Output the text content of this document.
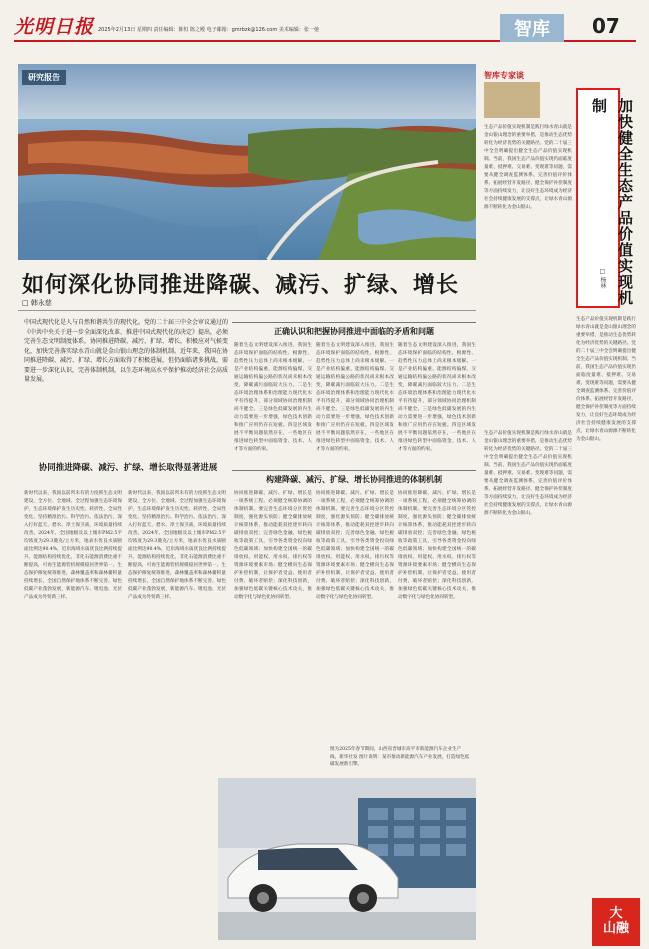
光明日报 2025年2月13日 星期四 责任编辑：陈恒 陈之殿 电子邮箱：gmrbzk@126.com 美术编辑：张一弛	智库	07
研究报告
如何深化协同推进降碳、减污、扩绿、增长
□ 韩永慈
中国式现代化是人与自然和谐共生的现代化。党的二十届三中全会审议通过的《中共中央关于进一步全面深化改革、推进中国式现代化的决定》提出，必须完善生态文明制度体系，协同推进降碳、减污、扩绿、增长，积极应对气候变化，加快完善落实绿水青山就是金山银山理念的体制机制。近年来，我国在协同推进降碳、减污、扩绿、增长方面取得了积极进展，但仍面临诸多挑战，需要进一步深化认识，完善体制机制，以生态环境高水平保护推动经济社会高质量发展。
协同推进降碳、减污、扩绿、增长取得显著进展
新时代以来，我国以前所未有的力度抓生态文明建设，全方位、全地域、全过程加强生态环境保护，生态环境保护发生历史性、转折性、全局性变化。坚持精准治污、科学治污、依法治污，深入打好蓝天、碧水、净土保卫战，环境质量持续改善。2024年，全国地级及以上城市PM2.5平均浓度为29.3微克/立方米，地表水优良水质断面比例达90.4%，近岸海域水质优良比例持续提升。能源结构持续优化，非化石能源消费比重不断提高，可再生能源装机规模稳居世界第一。生态保护修复统筹推进，森林覆盖率和森林蓄积量持续增长，全国自然保护地体系不断完善。绿色低碳产业蓬勃发展，新能源汽车、锂电池、光伏产品成为外贸新三样。
新时代以来，我国以前所未有的力度抓生态文明建设，全方位、全地域、全过程加强生态环境保护，生态环境保护发生历史性、转折性、全局性变化。坚持精准治污、科学治污、依法治污，深入打好蓝天、碧水、净土保卫战，环境质量持续改善。2024年，全国地级及以上城市PM2.5平均浓度为29.3微克/立方米，地表水优良水质断面比例达90.4%，近岸海域水质优良比例持续提升。能源结构持续优化，非化石能源消费比重不断提高，可再生能源装机规模稳居世界第一。生态保护修复统筹推进，森林覆盖率和森林蓄积量持续增长，全国自然保护地体系不断完善。绿色低碳产业蓬勃发展，新能源汽车、锂电池、光伏产品成为外贸新三样。
正确认识和把握协同推进中面临的矛盾和问题
随着生态文明建设深入推进，我国生态环境保护面临的结构性、根源性、趋势性压力总体上尚未根本缓解。一是产业结构偏重、能源结构偏煤、交通运输结构偏公路的状况尚未根本改变，降碳减污面临较大压力。二是生态环境治理体系和治理能力现代化水平有待提升，部分领域协同治理机制尚不健全。三是绿色低碳发展的内生动力需要进一步增强，绿色技术创新和推广应用仍存在短板。四是区域发展不平衡问题依然存在，一些地区在推进绿色转型中面临资金、技术、人才等方面的约束。
随着生态文明建设深入推进，我国生态环境保护面临的结构性、根源性、趋势性压力总体上尚未根本缓解。一是产业结构偏重、能源结构偏煤、交通运输结构偏公路的状况尚未根本改变，降碳减污面临较大压力。二是生态环境治理体系和治理能力现代化水平有待提升，部分领域协同治理机制尚不健全。三是绿色低碳发展的内生动力需要进一步增强，绿色技术创新和推广应用仍存在短板。四是区域发展不平衡问题依然存在，一些地区在推进绿色转型中面临资金、技术、人才等方面的约束。
随着生态文明建设深入推进，我国生态环境保护面临的结构性、根源性、趋势性压力总体上尚未根本缓解。一是产业结构偏重、能源结构偏煤、交通运输结构偏公路的状况尚未根本改变，降碳减污面临较大压力。二是生态环境治理体系和治理能力现代化水平有待提升，部分领域协同治理机制尚不健全。三是绿色低碳发展的内生动力需要进一步增强，绿色技术创新和推广应用仍存在短板。四是区域发展不平衡问题依然存在，一些地区在推进绿色转型中面临资金、技术、人才等方面的约束。
构建降碳、减污、扩绿、增长协同推进的体制机制
协同推进降碳、减污、扩绿、增长是一项系统工程，必须健全统筹协调的体制机制。要完善生态环境分区管控制度，强化源头预防；健全碳排放统计核算体系，推动能耗双控逐步转向碳排放双控；完善绿色金融、绿色税收等政策工具，引导各类资金投向绿色低碳领域；加快构建全国统一的碳排放权、用能权、用水权、排污权等资源环境要素市场；健全横向生态保护补偿机制，让保护者受益、使用者付费、破坏者赔偿；深化科技创新，加强绿色低碳关键核心技术攻关，推动数字化与绿色化协同转型。
协同推进降碳、减污、扩绿、增长是一项系统工程，必须健全统筹协调的体制机制。要完善生态环境分区管控制度，强化源头预防；健全碳排放统计核算体系，推动能耗双控逐步转向碳排放双控；完善绿色金融、绿色税收等政策工具，引导各类资金投向绿色低碳领域；加快构建全国统一的碳排放权、用能权、用水权、排污权等资源环境要素市场；健全横向生态保护补偿机制，让保护者受益、使用者付费、破坏者赔偿；深化科技创新，加强绿色低碳关键核心技术攻关，推动数字化与绿色化协同转型。
协同推进降碳、减污、扩绿、增长是一项系统工程，必须健全统筹协调的体制机制。要完善生态环境分区管控制度，强化源头预防；健全碳排放统计核算体系，推动能耗双控逐步转向碳排放双控；完善绿色金融、绿色税收等政策工具，引导各类资金投向绿色低碳领域；加快构建全国统一的碳排放权、用能权、用水权、排污权等资源环境要素市场；健全横向生态保护补偿机制，让保护者受益、使用者付费、破坏者赔偿；深化科技创新，加强绿色低碳关键核心技术攻关，推动数字化与绿色化协同转型。
图为2025年春节期间，山西省晋城市高平市新能源汽车企业生产线。新华社发 图片说明：某市推动新能源汽车产业发展，打造绿色低碳发展新引擎。
智库专家谈
生态产品价值实现机制是践行绿水青山就是金山银山理念的重要举措，是推动生态优势转化为经济优势的关键路径。党的二十届三中全会明确提出健全生态产品价值实现机制。当前，我国生态产品价值实现仍面临度量难、抵押难、交易难、变现难等问题，需要从健全调查监测体系、完善价值评价体系、拓展经营开发路径、健全保护补偿制度等方面持续发力，让良好生态环境成为经济社会持续健康发展的支撑点，让绿水青山源源不断转化为金山银山。	加快健全生态产品价值实现机制
□ 杨林
生态产品价值实现机制是践行绿水青山就是金山银山理念的重要举措，是推动生态优势转化为经济优势的关键路径。党的二十届三中全会明确提出健全生态产品价值实现机制。当前，我国生态产品价值实现仍面临度量难、抵押难、交易难、变现难等问题，需要从健全调查监测体系、完善价值评价体系、拓展经营开发路径、健全保护补偿制度等方面持续发力，让良好生态环境成为经济社会持续健康发展的支撑点，让绿水青山源源不断转化为金山银山。
生态产品价值实现机制是践行绿水青山就是金山银山理念的重要举措，是推动生态优势转化为经济优势的关键路径。党的二十届三中全会明确提出健全生态产品价值实现机制。当前，我国生态产品价值实现仍面临度量难、抵押难、交易难、变现难等问题，需要从健全调查监测体系、完善价值评价体系、拓展经营开发路径、健全保护补偿制度等方面持续发力，让良好生态环境成为经济社会持续健康发展的支撑点，让绿水青山源源不断转化为金山银山。
大
山融
